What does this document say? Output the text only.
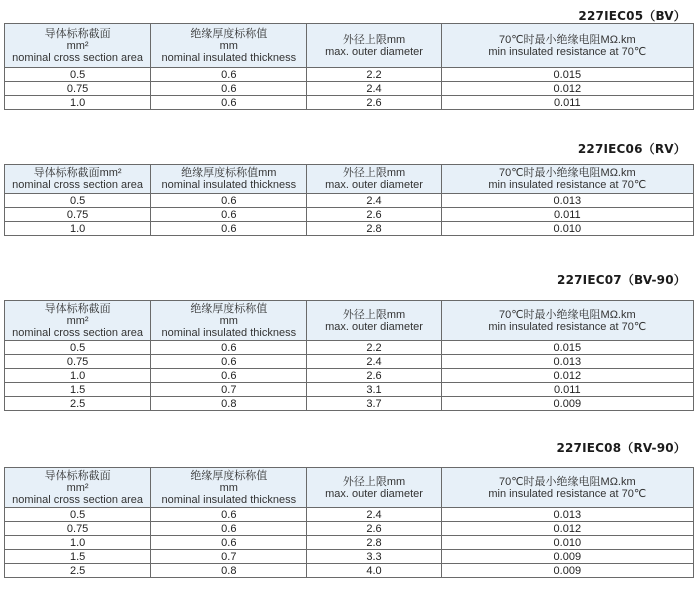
227IEC05（BV）
导体标称截面
mm²
nominal cross section area	绝缘厚度标称值
mm
nominal insulated thickness	外径上限mm
max. outer diameter	70℃时最小绝缘电阻MΩ.km
min insulated resistance at 70℃

0.5	0.6	2.2	0.015
0.75	0.6	2.4	0.012
1.0	0.6	2.6	0.011
227IEC06（RV）
导体标称截面mm²
nominal cross section area	绝缘厚度标称值mm
nominal insulated thickness	外径上限mm
max. outer diameter	70℃时最小绝缘电阻MΩ.km
min insulated resistance at 70℃

0.5	0.6	2.4	0.013
0.75	0.6	2.6	0.011
1.0	0.6	2.8	0.010
227IEC07（BV-90）
导体标称截面
mm²
nominal cross section area	绝缘厚度标称值
mm
nominal insulated thickness	外径上限mm
max. outer diameter	70℃时最小绝缘电阻MΩ.km
min insulated resistance at 70℃

0.5	0.6	2.2	0.015
0.75	0.6	2.4	0.013
1.0	0.6	2.6	0.012
1.5	0.7	3.1	0.011
2.5	0.8	3.7	0.009
227IEC08（RV-90）
导体标称截面
mm²
nominal cross section area	绝缘厚度标称值
mm
nominal insulated thickness	外径上限mm
max. outer diameter	70℃时最小绝缘电阻MΩ.km
min insulated resistance at 70℃

0.5	0.6	2.4	0.013
0.75	0.6	2.6	0.012
1.0	0.6	2.8	0.010
1.5	0.7	3.3	0.009
2.5	0.8	4.0	0.009
